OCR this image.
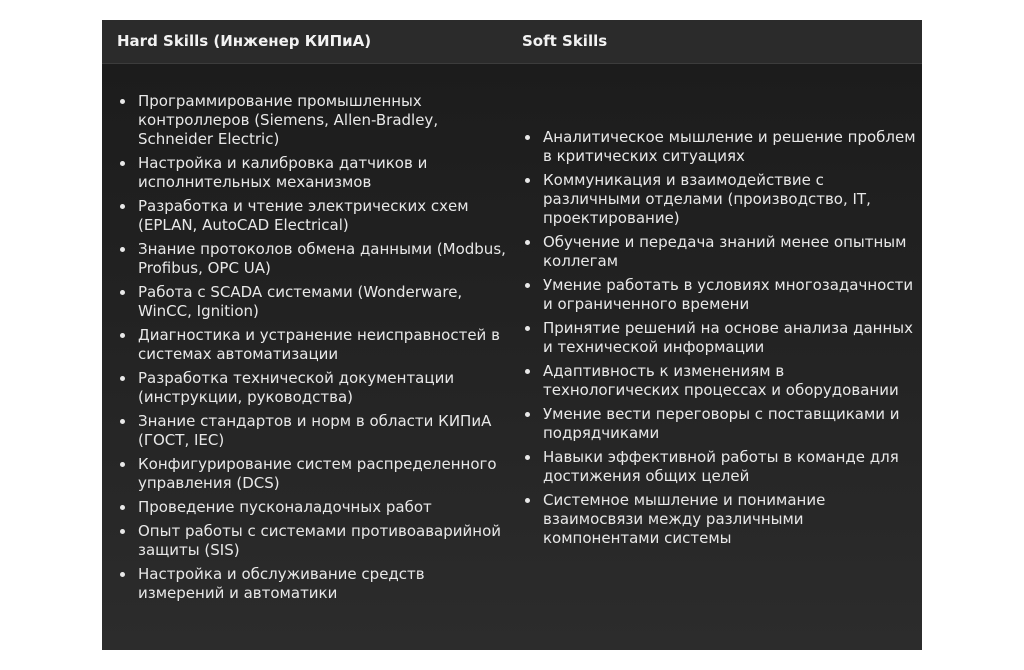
Hard Skills (Инженер КИПиА)	Soft Skills
Программирование промышленных контроллеров (Siemens, Allen-Bradley, Schneider Electric)
Настройка и калибровка датчиков и исполнительных механизмов
Разработка и чтение электрических схем (EPLAN, AutoCAD Electrical)
Знание протоколов обмена данными (Modbus, Profibus, OPC UA)
Работа с SCADA системами (Wonderware, WinCC, Ignition)
Диагностика и устранение неисправностей в системах автоматизации
Разработка технической документации (инструкции, руководства)
Знание стандартов и норм в области КИПиА (ГОСТ, IEC)
Конфигурирование систем распределенного управления (DCS)
Проведение пусконаладочных работ
Опыт работы с системами противоаварийной защиты (SIS)
Настройка и обслуживание средств измерений и автоматики
Аналитическое мышление и решение проблем в критических ситуациях
Коммуникация и взаимодействие с различными отделами (производство, IT, проектирование)
Обучение и передача знаний менее опытным коллегам
Умение работать в условиях многозадачности и ограниченного времени
Принятие решений на основе анализа данных и технической информации
Адаптивность к изменениям в технологических процессах и оборудовании
Умение вести переговоры с поставщиками и подрядчиками
Навыки эффективной работы в команде для достижения общих целей
Системное мышление и понимание взаимосвязи между различными компонентами системы
